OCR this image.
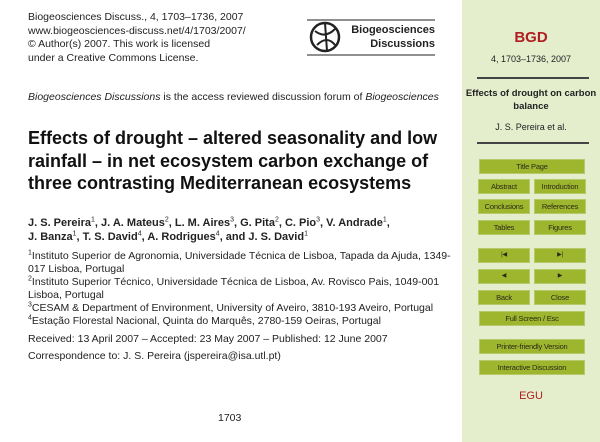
Biogeosciences Discuss., 4, 1703–1736, 2007
www.biogeosciences-discuss.net/4/1703/2007/
© Author(s) 2007. This work is licensed
under a Creative Commons License.
Biogeosciences
Discussions
Biogeosciences Discussions is the access reviewed discussion forum of Biogeosciences
Effects of drought – altered seasonality and low rainfall – in net ecosystem carbon exchange of three contrasting Mediterranean ecosystems
J. S. Pereira$^1$, J. A. Mateus$^2$, L. M. Aires$^3$, G. Pita$^2$, C. Pio$^3$, V. Andrade$^1$,
J. Banza$^1$, T. S. David$^4$, A. Rodrigues$^4$, and J. S. David$^1$
$^1$Instituto Superior de Agronomia, Universidade Técnica de Lisboa, Tapada da Ajuda, 1349-017 Lisboa, Portugal
$^2$Instituto Superior Técnico, Universidade Técnica de Lisboa, Av. Rovisco Pais, 1049-001 Lisboa, Portugal
$^3$CESAM & Department of Environment, University of Aveiro, 3810-193 Aveiro, Portugal
$^4$Estação Florestal Nacional, Quinta do Marquês, 2780-159 Oeiras, Portugal
Received: 13 April 2007 – Accepted: 23 May 2007 – Published: 12 June 2007
Correspondence to: J. S. Pereira (jspereira@isa.utl.pt)
1703
BGD
4, 1703–1736, 2007
Effects of drought on carbon balance
J. S. Pereira et al.
Title Page
Abstract	Introduction
Conclusions	References
Tables	Figures
|◀	▶|
◀	▶
Back	Close
Full Screen / Esc
Printer-friendly Version
Interactive Discussion
EGU
